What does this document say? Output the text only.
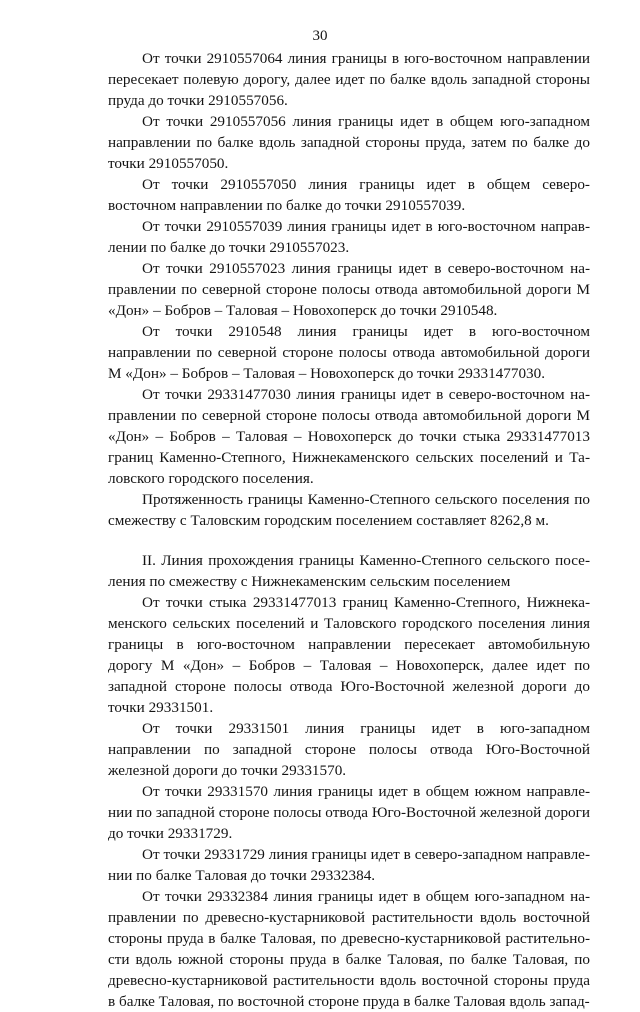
30

От точки 2910557064 линия границы в юго-восточном направлении пересекает полевую дорогу, далее идет по балке вдоль западной стороны пруда до точки 2910557056.

От точки 2910557056 линия границы идет в общем юго-западном направлении по балке вдоль западной стороны пруда, затем по балке до точки 2910557050.

От точки 2910557050 линия границы идет в общем северо-восточном направлении по балке до точки 2910557039.

От точки 2910557039 линия границы идет в юго-восточном направлении по балке до точки 2910557023.

От точки 2910557023 линия границы идет в северо-восточном направлении по северной стороне полосы отвода автомобильной дороги М «Дон» – Бобров – Таловая – Новохоперск до точки 2910548.

От точки 2910548 линия границы идет в юго-восточном направлении по северной стороне полосы отвода автомобильной дороги М «Дон» – Бобров – Таловая – Новохоперск до точки 29331477030.

От точки 29331477030 линия границы идет в северо-восточном направлении по северной стороне полосы отвода автомобильной дороги М «Дон» – Бобров – Таловая – Новохоперск до точки стыка 29331477013 границ Каменно-Степного, Нижнекаменского сельских поселений и Таловского городского поселения.

Протяженность границы Каменно-Степного сельского поселения по смежеству с Таловским городским поселением составляет 8262,8 м.

II. Линия прохождения границы Каменно-Степного сельского поселения по смежеству с Нижнекаменским сельским поселением

От точки стыка 29331477013 границ Каменно-Степного, Нижнекаменского сельских поселений и Таловского городского поселения линия границы в юго-восточном направлении пересекает автомобильную дорогу М «Дон» – Бобров – Таловая – Новохоперск, далее идет по западной стороне полосы отвода Юго-Восточной железной дороги до точки 29331501.

От точки 29331501 линия границы идет в юго-западном направлении по западной стороне полосы отвода Юго-Восточной железной дороги до точки 29331570.

От точки 29331570 линия границы идет в общем южном направлении по западной стороне полосы отвода Юго-Восточной железной дороги до точки 29331729.

От точки 29331729 линия границы идет в северо-западном направлении по балке Таловая до точки 29332384.

От точки 29332384 линия границы идет в общем юго-западном направлении по древесно-кустарниковой растительности вдоль восточной стороны пруда в балке Таловая, по древесно-кустарниковой растительности вдоль южной стороны пруда в балке Таловая, по балке Таловая, по древесно-кустарниковой растительности вдоль восточной стороны пруда в балке Таловая, по восточной стороне пруда в балке Таловая вдоль запад-
